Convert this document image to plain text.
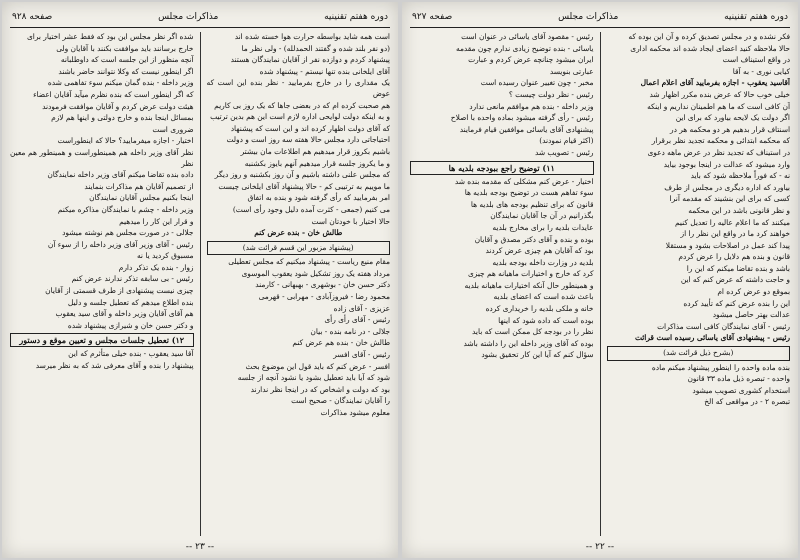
دوره هفتم تقنینیه
مذاکرات مجلس
صفحه ۹۲۸

است همه شاید بواسطه حرارت هوا خسته شده اند

(دو نفر بلند شده و گفتند الحمدلله) - ولی نظر ما

پیشنهاد کردم و دوازده نفر از آقایان نمایندگان هستند

آقای ایلخانی بنده تنها نیستم - پیشنهاد شده

یک مقداری را در خارج بفرمایید - نظر بنده این است که عوض

هم صحبت کرده ام که در بعضی جاها که یک روز بی کاریم

و به اینکه دولت لوایحی اداره لازم است این هم بدین ترتیب

که آقای دولت اظهار کرده اند و این است که پیشنهاد

احتیاجاتی دارد مجلس حالا هفته سه روز است و دولت

باشیم بکروز قرار میدهیم هم اطلاعات مان بیشتر

و ما یکروز جلسه قرار میدهیم آنهم بایوز بکشنبه

که مجلس علنی داشته باشیم و آن روز بکشنبه و روز دیگر

ما موییم به ترتیبی کم - حالا پیشنهاد آقای ایلخانی چیست

امر بفرمایید که رأی گرفته شود و بنده به اتفاق

می کنیم (جمعی - کثرت آمده دلیل وجود رأی است)

حالا اختیار با خودتان است

طالش خان - بنده عرض کنم

(پیشنهاد مزبور این قسم قرائت شد)

مقام منیع ریاست - پیشنهاد میکنیم که مجلس تعطیلی

مرداد هفته یک روز تشکیل شود یعقوب الموسوی

دکتر حسن خان - بوشهری - بهبهانی - کارمند

محمود رضا - فیروزآبادی - مهرابی - قهرمی

عزیزی - آقای زاده

رئیس - آقای رأی رأی

جلالی - در نامه بنده - بیان

طالش خان - بنده هم عرض کنم

رئیس - آقای افسر

افسر - عرض کنم که باید قول این موضوع بحث

شود که آیا باید تعطیل بشود یا نشود آنچه از جلسه

بود که دولت و اشخاص که در اینجا نظر ندارند

را آقایان نمایندگان - صحیح است

معلوم میشود مذاکرات

شده اگر نظر مجلس این بود که فقط عشر اختیار برای

خارج برسانند باید موافقت بکنند با آقایان ولی

آنچه منظور از این جلسه است که داوطلبانه

اگر اینطور نیست که وکلا نتوانند حاضر باشند

وزیر داخله - بنده گمان میکنم سوء تفاهمی شده

که اگر اینطور است که بنده نظرم میآید آقایان اعضاء

هیئت دولت عرض کردم و آقایان موافقت فرمودند

بمسائل اینجا بنده و خارج دولتی و اینها هم لازم

ضروری است

اختیار - اجازه میفرمایید؟ حالا که اینطوراست

نظر آقای وزیر داخله هم همینطوراست و همینطور هم معین نظر

داده بنده تقاضا میکنم آقای وزیر داخله نمایندگان

از تصمیم آقایان هم مذاکرات بنمایند

اینجا بکنیم مجلس آقایان نمایندگان

وزیر داخله - چشم با نمایندگان مذاکره میکنم

و قرار این کار را میدهیم

جلالی - در صورت مجلس هم نوشته میشود

رئیس - آقای وزیر آقای وزیر داخله را از سوء آن

مسبوق کردید یا نه

زوار - بنده یک تذکر دارم

رئیس - بی سابقه تذکر ندارند عرض کنم

چیزی نیست پیشنهادی از طرف قسمتی از آقایان

بنده اطلاع میدهم که تعطیل جلسه و دلیل

هم آقای آقایان وزیر داخله و آقای سید یعقوب

و دکتر حسن خان و شیرازی پیشنهاد شده

۱۲) تعطیل جلسات مجلس و تعیین موقع و دستور

آقا سید یعقوب - بنده خیلی متأثرم که این

پیشنهاد را بنده و آقای معرفی شد که به نظر میرسد

-- ۲۳ --
دوره هفتم تقنینیه
مذاکرات مجلس
صفحه ۹۲۷

فکر نشده و در مجلس تصدیق کرده و آن این بوده که

حالا ملاحظه کنید اعضای ایجاد شده اند محکمه اداری

در واقع استیناف است

کیایی نوری - به آقا

آقاسید یعقوب - اجازه بفرمایید آقای اعلام اعمال

خیلی خوب حالا که عرض بنده مکرر اظهار شد

آن کافی است که ما هم اطمینان نداریم و اینکه

اگر دولت یک لایحه بیاورد که برای این

اسنتاف قرار بدهیم هر دو محکمه هر در

که محکمه ابتدائی و محکمه تجدید نظر برقرار

در استیناف که تجدید نظر در عرض ماهه دعوی

وارد میشود که عدالت در اینجا بوجود بیاید

نه - که فوراً ملاحظه شود که باید

بیاورد که اداره دیگری در مجلس از طرف

کسی که برای این بنشیند که مقدمه آنرا

و نظر قانونی باشد در این محکمه

میکنند که ما اعلام عالیه را تعدیل کنیم

خواهند کرد ما در واقع این نظر را از

پیدا کند عمل در اصلاحات بشود و مستقلا

قانون و بنده هم دلایل را عرض کردم

باشد و بنده تقاضا میکنم که این را

و حاجت داشته که عرض کنم که این

بموقع دو عرض کرده ام

این را بنده عرض کنم که تأیید کرده

عدالت بهتر حاصل میشود

رئیس - آقای نمایندگان کافی است مذاکرات

رئیس - پیشنهادی آقای یاسائی رسیده است قرائت

(بشرح ذیل قرائت شد)

بنده ماده واحده را اینطور پیشنهاد میکنم ماده

واحده - تبصره ذیل ماده ۳۳ قانون

استخدام کشوری تصویب میشود

تبصره ۲ - در مواقعی که الخ

رئیس - مقصود آقای یاسائی در عنوان است

یاسائی - بنده توضیح زیادی ندارم چون مقدمه

ایران میشود چنانچه عرض کردم و عبارت

عبارتی بنویسد

مخبر - چون تغییر عنوان رسیده است

رئیس - نظر دولت چیست ؟

وزیر داخله - بنده هم موافقم مانعی ندارد

رئیس - رأی گرفته میشود بماده واحده با اصلاح

پیشنهادی آقای یاسائی موافقین قیام فرمایند

(اکثر قیام نمودند)

رئیس - تصویب شد

۱۱) توضیح راجع ببودجه بلدیه ها

اختیار - عرض کنم مشکلی که مقدمه بنده شد

سوء تفاهم هست در توضیح بودجه بلدیه ها

قانون که برای تنظیم بودجه های بلدیه ها

بگذرانیم در آن جا آقایان نمایندگان

عایدات بلدیه را برای مخارج بلدیه

بوده و بنده و آقای دکتر مصدق و آقایان

بود که آقایان هم چیزی عرض کردند

بلدیه در وزارت داخله بودجه بلدیه

کرد که خارج و اختیارات ماهیانه هم چیزی

و همینطور حال آنکه اختیارات ماهیانه بلدیه

باعث شده است که اعضای بلدیه

خانه و ملکی بلدیه را خریداری کرده

بوده است که داده شود که اینها

نظر را در بودجه کل ممکن است که باید

بوده که آقای وزیر داخله این را داشته باشد

سؤال کنم که آیا این کار تحقیق بشود

-- ۲۲ --
